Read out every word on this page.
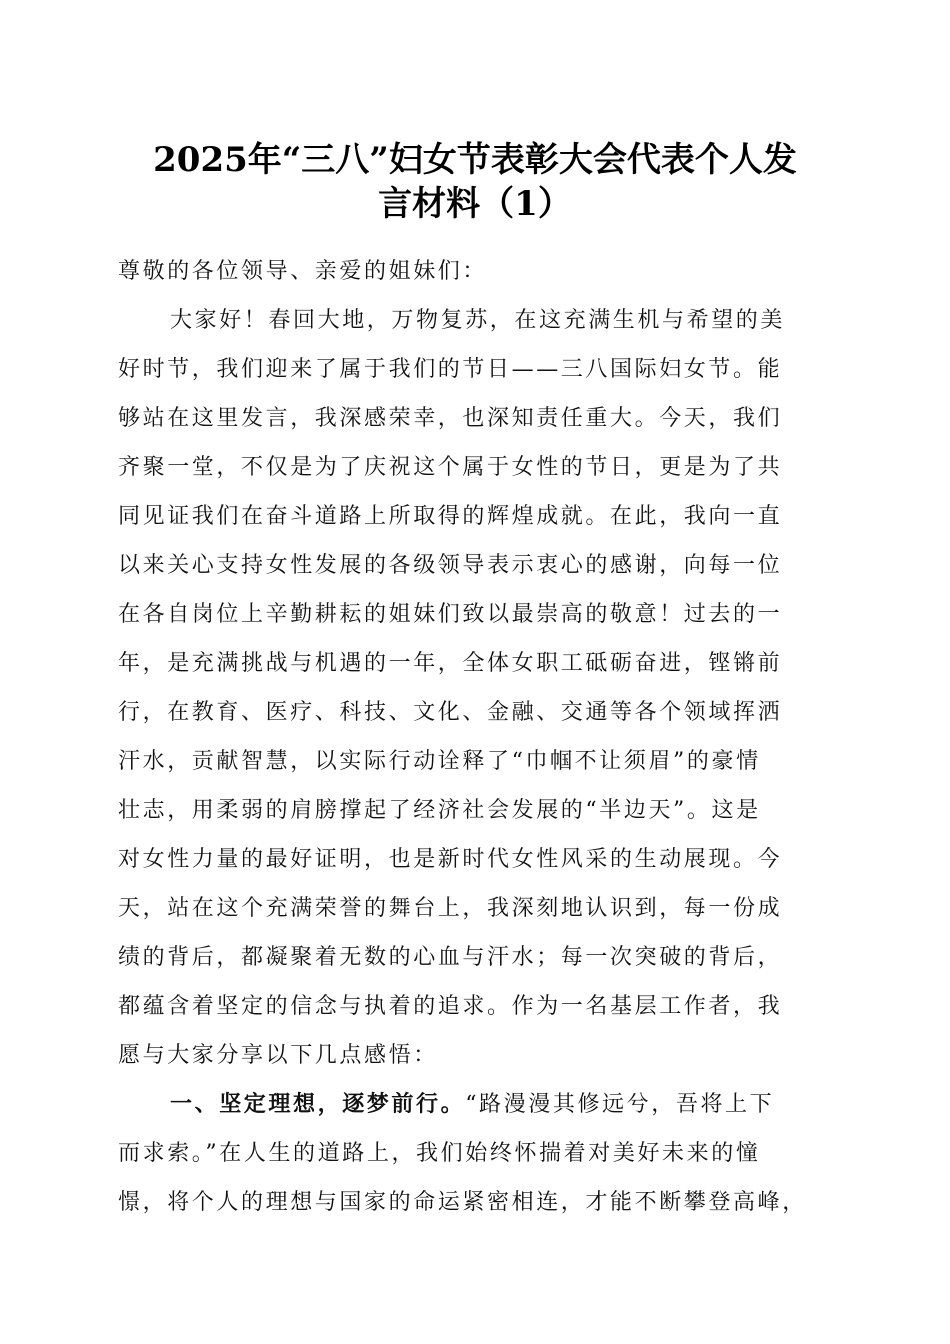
2025年“三八”妇女节表彰大会代表个人发
言材料（1）
尊敬的各位领导、亲爱的姐妹们：
大家好！春回大地，万物复苏，在这充满生机与希望的美
好时节，我们迎来了属于我们的节日——三八国际妇女节。能
够站在这里发言，我深感荣幸，也深知责任重大。今天，我们
齐聚一堂，不仅是为了庆祝这个属于女性的节日，更是为了共
同见证我们在奋斗道路上所取得的辉煌成就。在此，我向一直
以来关心支持女性发展的各级领导表示衷心的感谢，向每一位
在各自岗位上辛勤耕耘的姐妹们致以最崇高的敬意！过去的一
年，是充满挑战与机遇的一年，全体女职工砥砺奋进，铿锵前
行，在教育、医疗、科技、文化、金融、交通等各个领域挥洒
汗水，贡献智慧，以实际行动诠释了“巾帼不让须眉”的豪情
壮志，用柔弱的肩膀撑起了经济社会发展的“半边天”。这是
对女性力量的最好证明，也是新时代女性风采的生动展现。今
天，站在这个充满荣誉的舞台上，我深刻地认识到，每一份成
绩的背后，都凝聚着无数的心血与汗水；每一次突破的背后，
都蕴含着坚定的信念与执着的追求。作为一名基层工作者，我
愿与大家分享以下几点感悟：
一、坚定理想，逐梦前行。“路漫漫其修远兮，吾将上下
而求索。”在人生的道路上，我们始终怀揣着对美好未来的憧
憬，将个人的理想与国家的命运紧密相连，才能不断攀登高峰，
